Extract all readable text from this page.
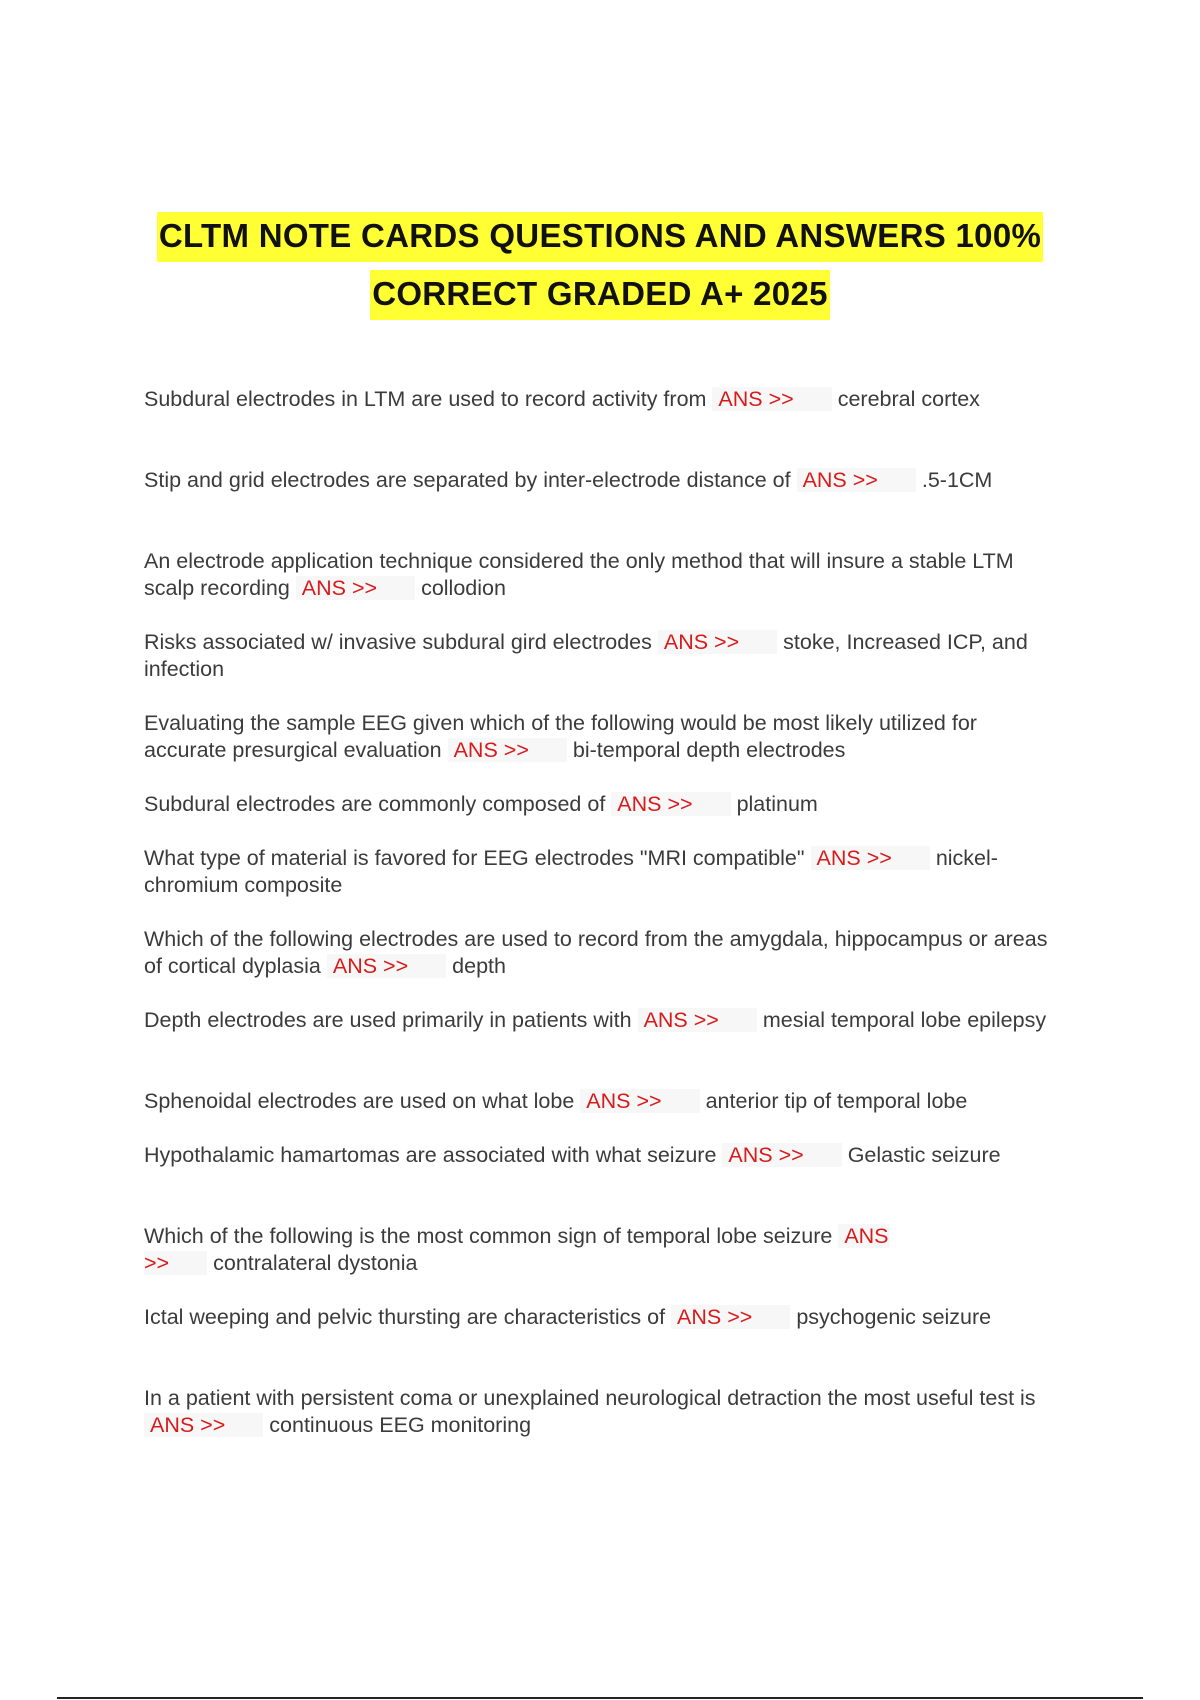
CLTM NOTE CARDS QUESTIONS AND ANSWERS 100%
CORRECT GRADED A+ 2025
Subdural electrodes in LTM are used to record activity from ANS >> cerebral cortex
Stip and grid electrodes are separated by inter-electrode distance of ANS >> .5-1CM
An electrode application technique considered the only method that will insure a stable LTM scalp recording ANS >> collodion
Risks associated w/ invasive subdural gird electrodes ANS >> stoke, Increased ICP, and infection
Evaluating the sample EEG given which of the following would be most likely utilized for accurate presurgical evaluation ANS >> bi-temporal depth electrodes
Subdural electrodes are commonly composed of ANS >> platinum
What type of material is favored for EEG electrodes "MRI compatible" ANS >> nickel-chromium composite
Which of the following electrodes are used to record from the amygdala, hippocampus or areas of cortical dyplasia ANS >> depth
Depth electrodes are used primarily in patients with ANS >> mesial temporal lobe epilepsy
Sphenoidal electrodes are used on what lobe ANS >> anterior tip of temporal lobe
Hypothalamic hamartomas are associated with what seizure ANS >> Gelastic seizure
Which of the following is the most common sign of temporal lobe seizure ANS >> contralateral dystonia
Ictal weeping and pelvic thursting are characteristics of ANS >> psychogenic seizure
In a patient with persistent coma or unexplained neurological detraction the most useful test is ANS >> continuous EEG monitoring
